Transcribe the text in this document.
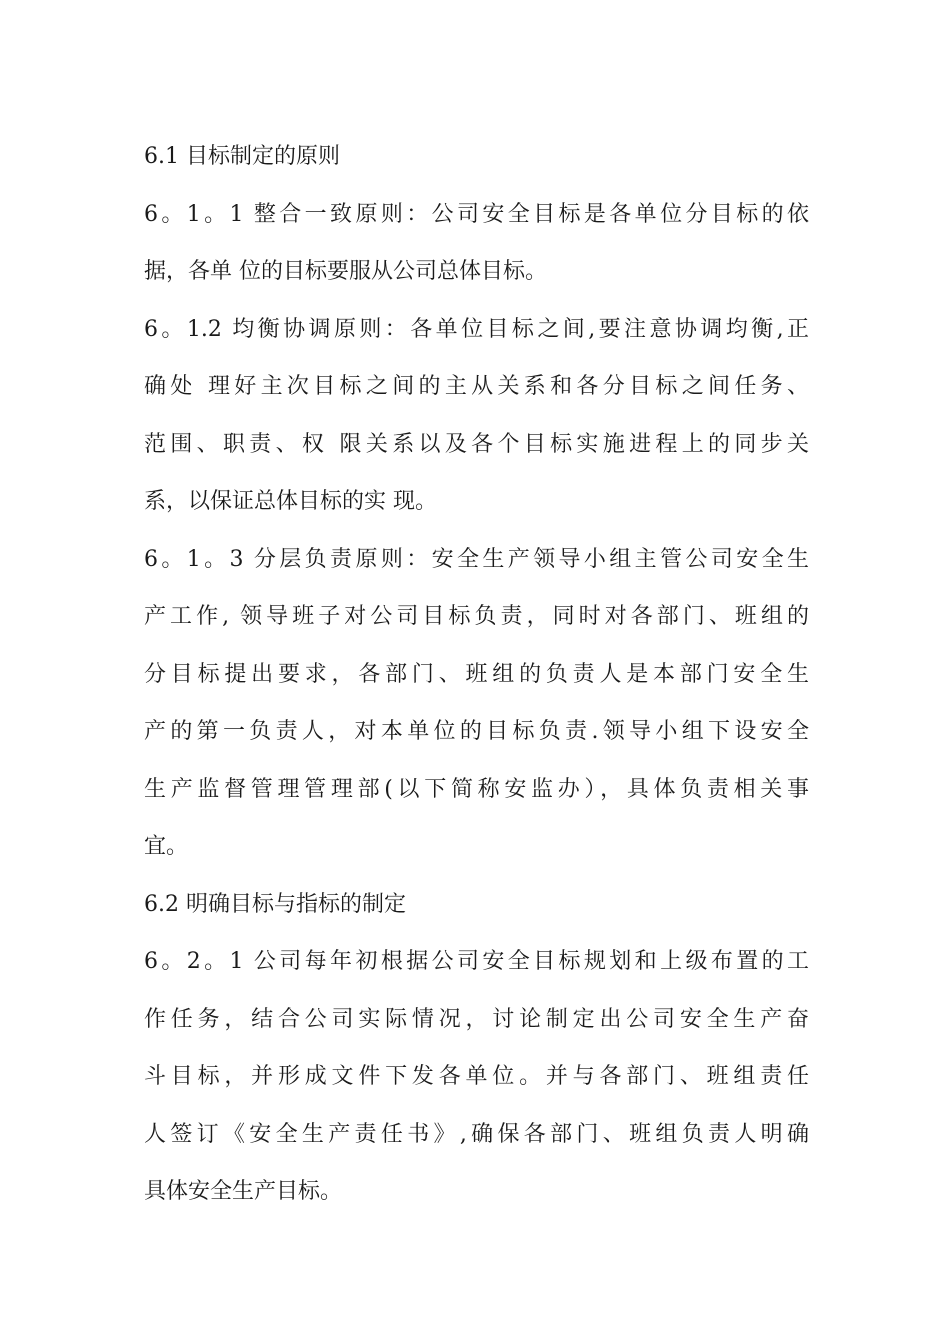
6.1 目标制定的原则

6。1。1 整合一致原则：公司安全目标是各单位分目标的依
据，各单 位的目标要服从公司总体目标。
6。1.2 均衡协调原则：各单位目标之间,要注意协调均衡,正
确处 理好主次目标之间的主从关系和各分目标之间任务、
范围、职责、权 限关系以及各个目标实施进程上的同步关
系，以保证总体目标的实 现。
6。1。3 分层负责原则：安全生产领导小组主管公司安全生
产工作, 领导班子对公司目标负责，同时对各部门、班组的
分目标提出要求，各部门、班组的负责人是本部门安全生
产的第一负责人，对本单位的目标负责.领导小组下设安全
生产监督管理管理部(以下简称安监办），具体负责相关事
宜。

6.2 明确目标与指标的制定

6。2。1 公司每年初根据公司安全目标规划和上级布置的工
作任务，结合公司实际情况，讨论制定出公司安全生产奋
斗目标，并形成文件下发各单位。并与各部门、班组责任
人签订《安全生产责任书》,确保各部门、班组负责人明确
具体安全生产目标。
